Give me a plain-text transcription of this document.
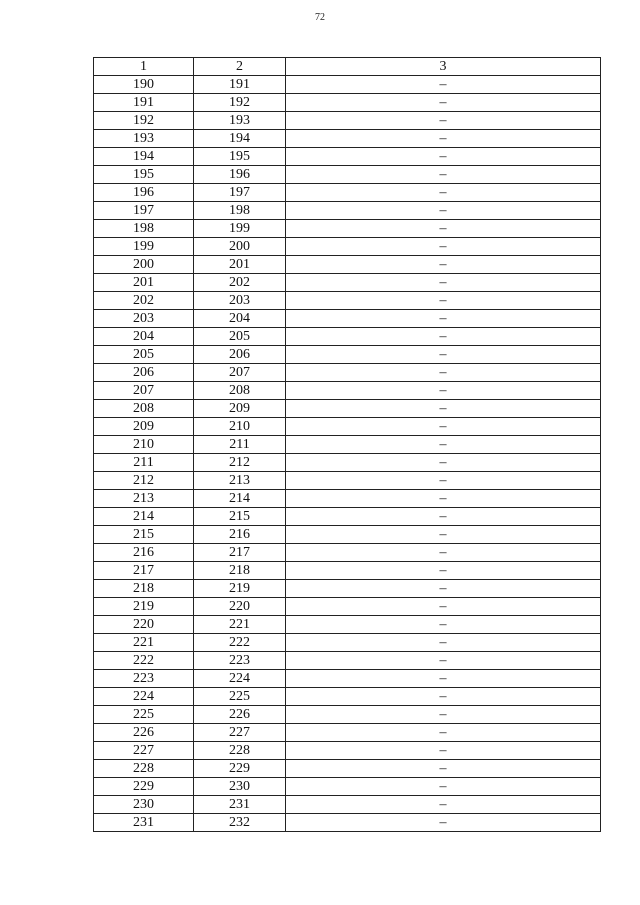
72
1	2	3
190	191	–
191	192	–
192	193	–
193	194	–
194	195	–
195	196	–
196	197	–
197	198	–
198	199	–
199	200	–
200	201	–
201	202	–
202	203	–
203	204	–
204	205	–
205	206	–
206	207	–
207	208	–
208	209	–
209	210	–
210	211	–
211	212	–
212	213	–
213	214	–
214	215	–
215	216	–
216	217	–
217	218	–
218	219	–
219	220	–
220	221	–
221	222	–
222	223	–
223	224	–
224	225	–
225	226	–
226	227	–
227	228	–
228	229	–
229	230	–
230	231	–
231	232	–
